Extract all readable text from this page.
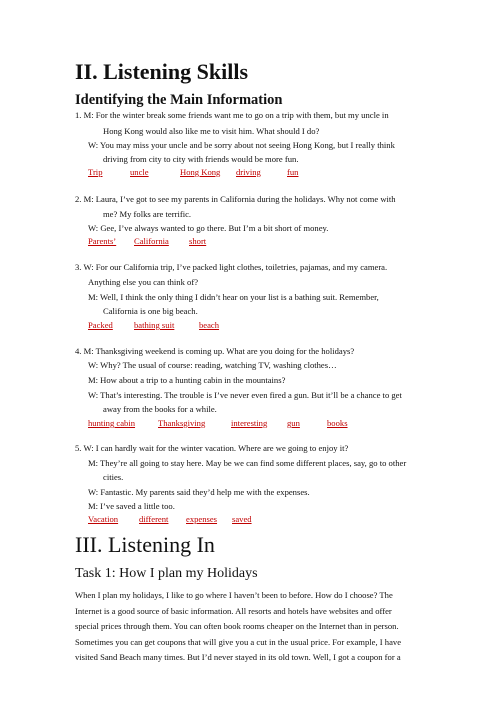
II. Listening Skills
Identifying the Main Information
1. M: For the winter break some friends want me to go on a trip with them, but my uncle in
Hong Kong would also like me to visit him. What should I do?
W: You may miss your uncle and be sorry about not seeing Hong Kong, but I really think
driving from city to city with friends would be more fun.
Trip	uncle	Hong Kong driving	fun
2. M: Laura, I’ve got to see my parents in California during the holidays. Why not come with
me? My folks are terrific.
W: Gee, I’ve always wanted to go there. But I’m a bit short of money.
Parents’ California short
3. W: For our California trip, I’ve packed light clothes, toiletries, pajamas, and my camera.
Anything else you can think of?
M: Well, I think the only thing I didn’t hear on your list is a bathing suit. Remember,
California is one big beach.
Packed bathing suit	beach
4. M: Thanksgiving weekend is coming up. What are you doing for the holidays?
W: Why? The usual of course: reading, watching TV, washing clothes…
M: How about a trip to a hunting cabin in the mountains?
W: That’s interesting. The trouble is I’ve never even fired a gun. But it’ll be a chance to get
away from the books for a while.
hunting cabin	Thanksgiving	interesting gun	books
5. W: I can hardly wait for the winter vacation. Where are we going to enjoy it?
M: They’re all going to stay here. May be we can find some different places, say, go to other
cities.
W: Fantastic. My parents said they’d help me with the expenses.
M: I’ve saved a little too.
Vacation different expenses saved
III. Listening In
Task 1: How I plan my Holidays
When I plan my holidays, I like to go where I haven’t been to before. How do I choose? The
Internet is a good source of basic information. All resorts and hotels have websites and offer
special prices through them. You can often book rooms cheaper on the Internet than in person.
Sometimes you can get coupons that will give you a cut in the usual price. For example, I have
visited Sand Beach many times. But I’d never stayed in its old town. Well, I got a coupon for a
